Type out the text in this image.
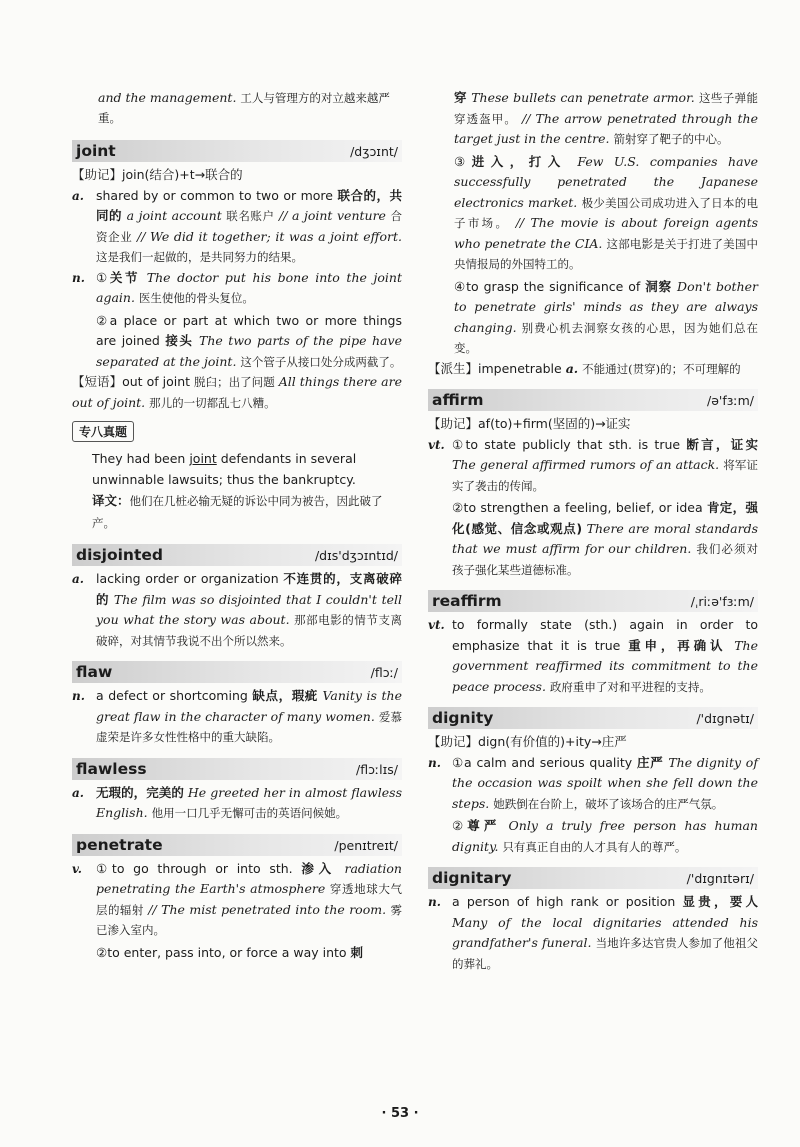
and the management. 工人与管理方的对立越来越严重。
joint	/dʒɔɪnt/

【助记】join(结合)+t→联合的

a. shared by or common to two or more 联合的，共同的 a joint account 联名账户 // a joint venture 合资企业 // We did it together; it was a joint effort. 这是我们一起做的，是共同努力的结果。
n. ①关节 The doctor put his bone into the joint again. 医生使他的骨头复位。
②a place or part at which two or more things are joined 接头 The two parts of the pipe have separated at the joint. 这个管子从接口处分成两截了。

【短语】out of joint 脱臼；出了问题 All things there are out of joint. 那儿的一切都乱七八糟。

专八真题
They had been joint defendants in several unwinnable lawsuits; thus the bankruptcy.
译文：他们在几桩必输无疑的诉讼中同为被告，因此破了产。
disjointed	/dɪs'dʒɔɪntɪd/
a. lacking order or organization 不连贯的，支离破碎的 The film was so disjointed that I couldn't tell you what the story was about. 那部电影的情节支离破碎，对其情节我说不出个所以然来。
flaw	/flɔː/
n. a defect or shortcoming 缺点，瑕疵 Vanity is the great flaw in the character of many women. 爱慕虚荣是许多女性性格中的重大缺陷。
flawless	/flɔːlɪs/
a. 无瑕的，完美的 He greeted her in almost flawless English. 他用一口几乎无懈可击的英语问候她。
penetrate	/penɪtreɪt/
v.	①to go through or into sth. 渗入 radiation penetrating the Earth's atmosphere 穿透地球大气层的辐射 // The mist penetrated into the room. 雾已渗入室内。
②to enter, pass into, or force a way into 刺
穿 These bullets can penetrate armor. 这些子弹能穿透盔甲。 // The arrow penetrated through the target just in the centre. 箭射穿了靶子的中心。
③进入，打入 Few U.S. companies have successfully penetrated the Japanese electronics market. 极少美国公司成功进入了日本的电子市场。 // The movie is about foreign agents who penetrate the CIA. 这部电影是关于打进了美国中央情报局的外国特工的。
④to grasp the significance of 洞察 Don't bother to penetrate girls' minds as they are always changing. 别费心机去洞察女孩的心思，因为她们总在变。

【派生】impenetrable a. 不能通过(贯穿)的；不可理解的

affirm	/ə'fɜːm/

【助记】af(to)+firm(坚固的)→证实

vt. ①to state publicly that sth. is true 断言，证实 The general affirmed rumors of an attack. 将军证实了袭击的传闻。
②to strengthen a feeling, belief, or idea 肯定，强化(感觉、信念或观点) There are moral standards that we must affirm for our children. 我们必须对孩子强化某些道德标准。
reaffirm	/ˌriːə'fɜːm/
vt. to formally state (sth.) again in order to emphasize that it is true 重申，再确认 The government reaffirmed its commitment to the peace process. 政府重申了对和平进程的支持。
dignity	/'dɪgnətɪ/

【助记】dign(有价值的)+ity→庄严

n. ①a calm and serious quality 庄严 The dignity of the occasion was spoilt when she fell down the steps. 她跌倒在台阶上，破坏了该场合的庄严气氛。
②尊严 Only a truly free person has human dignity. 只有真正自由的人才具有人的尊严。
dignitary	/'dɪgnɪtərɪ/
n. a person of high rank or position 显贵，要人 Many of the local dignitaries attended his grandfather's funeral. 当地许多达官贵人参加了他祖父的葬礼。
· 53 ·
